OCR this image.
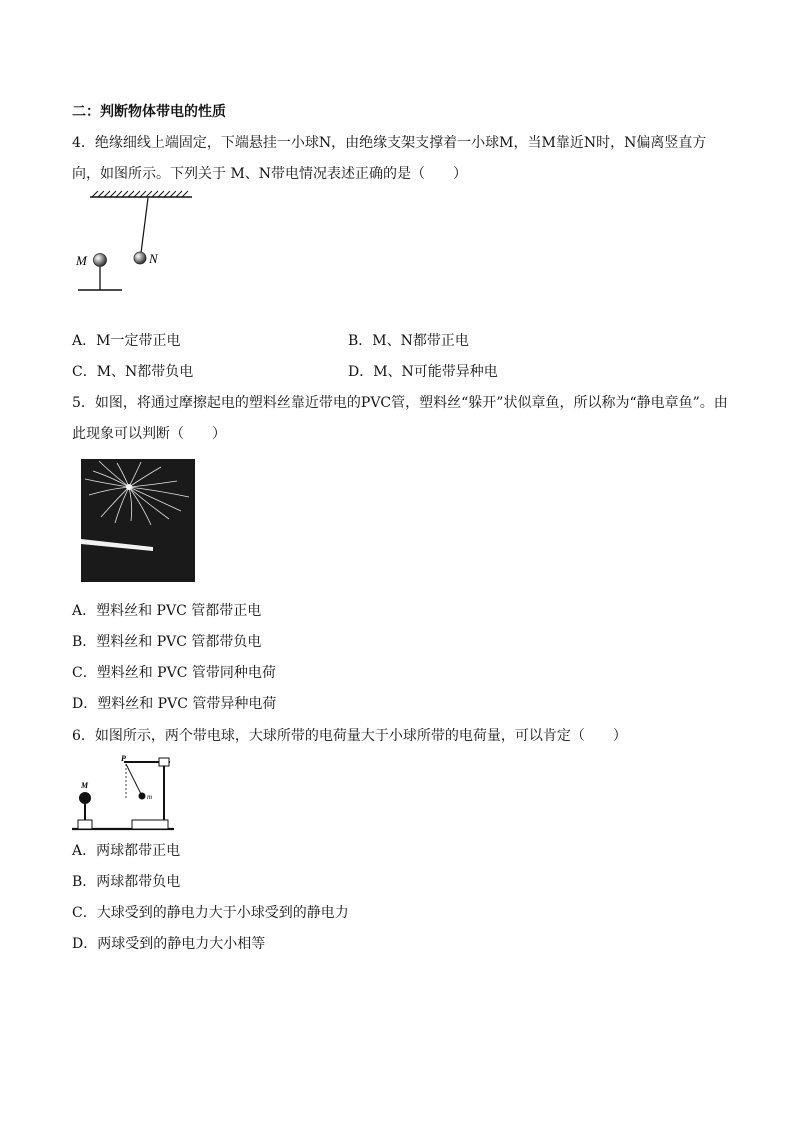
二：判断物体带电的性质
4．绝缘细线上端固定，下端悬挂一小球N，由绝缘支架支撑着一小球M，当M靠近N时，N偏离竖直方
向，如图所示。下列关于 M、N带电情况表述正确的是（　　）
N
M
A．M一定带正电	B．M、N都带正电
C．M、N都带负电	D．M、N可能带异种电
5．如图，将通过摩擦起电的塑料丝靠近带电的PVC管，塑料丝“躲开”状似章鱼，所以称为“静电章鱼”。由
此现象可以判断（　　）
A．塑料丝和 PVC 管都带正电
B．塑料丝和 PVC 管都带负电
C．塑料丝和 PVC 管带同种电荷
D．塑料丝和 PVC 管带异种电荷
6．如图所示，两个带电球，大球所带的电荷量大于小球所带的电荷量，可以肯定（　　）
M
P
m
A．两球都带正电
B．两球都带负电
C．大球受到的静电力大于小球受到的静电力
D．两球受到的静电力大小相等
